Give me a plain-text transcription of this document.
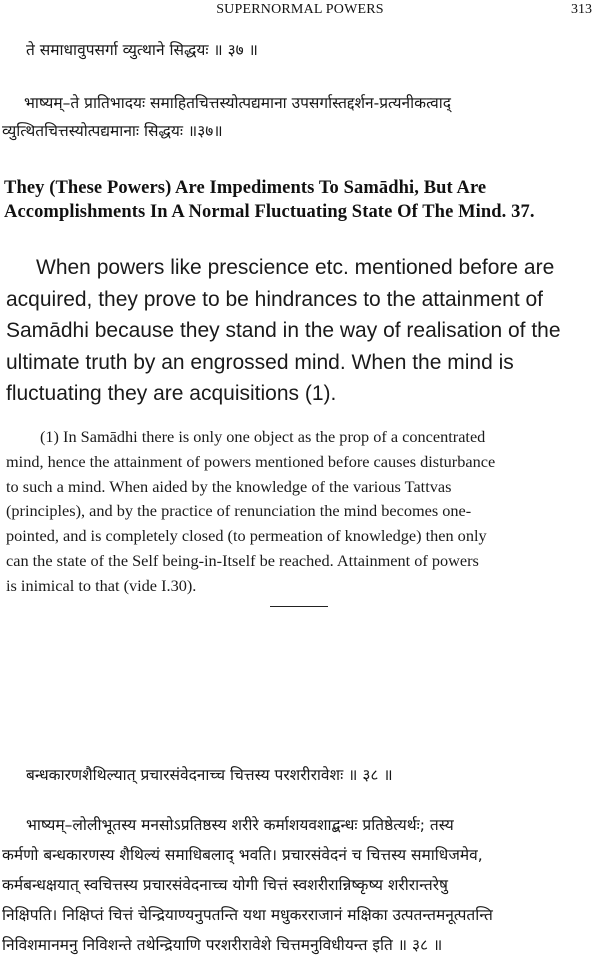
SUPERNORMAL POWERS	313
ते समाधावुपसर्गा व्युत्थाने सिद्धयः ॥ ३७ ॥
भाष्यम्–ते प्रातिभादयः समाहितचित्तस्योत्पद्यमाना उपसर्गास्तद्दर्शन-प्रत्यनीकत्वाद्
व्युत्थितचित्तस्योत्पद्यमानाः सिद्धयः ॥३७॥
They (These Powers) Are Impediments To Samādhi, But Are
Accomplishments In A Normal Fluctuating State Of The Mind. 37.
When powers like prescience etc. mentioned before are
acquired, they prove to be hindrances to the attainment of
Samādhi because they stand in the way of realisation of the
ultimate truth by an engrossed mind. When the mind is
fluctuating they are acquisitions (1).
(1) In Samādhi there is only one object as the prop of a concentrated
mind, hence the attainment of powers mentioned before causes disturbance
to such a mind. When aided by the knowledge of the various Tattvas
(principles), and by the practice of renunciation the mind becomes one-
pointed, and is completely closed (to permeation of knowledge) then only
can the state of the Self being-in-Itself be reached. Attainment of powers
is inimical to that (vide I.30).
बन्धकारणशैथिल्यात् प्रचारसंवेदनाच्च चित्तस्य परशरीरावेशः ॥ ३८ ॥
भाष्यम्–लोलीभूतस्य मनसोऽप्रतिष्ठस्य शरीरे कर्माशयवशाद्बन्धः प्रतिष्ठेत्यर्थः; तस्य
कर्मणो बन्धकारणस्य शैथिल्यं समाधिबलाद् भवति। प्रचारसंवेदनं च चित्तस्य समाधिजमेव,
कर्मबन्धक्षयात् स्वचित्तस्य प्रचारसंवेदनाच्च योगी चित्तं स्वशरीरान्निष्कृष्य शरीरान्तरेषु
निक्षिपति। निक्षिप्तं चित्तं चेन्द्रियाण्यनुपतन्ति यथा मधुकरराजानं मक्षिका उत्पतन्तमनूत्पतन्ति
निविशमानमनु निविशन्ते तथेन्द्रियाणि परशरीरावेशे चित्तमनुविधीयन्त इति ॥ ३८ ॥
